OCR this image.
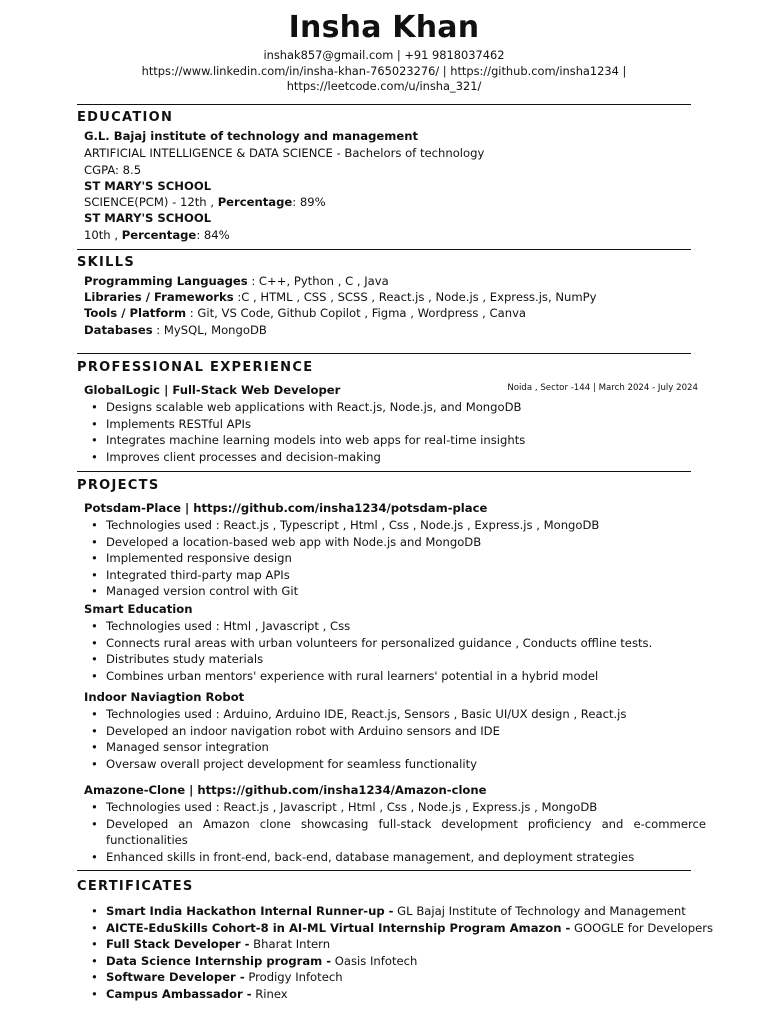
Insha Khan
inshak857@gmail.com | +91 9818037462
https://www.linkedin.com/in/insha-khan-765023276/ | https://github.com/insha1234 |
https://leetcode.com/u/insha_321/
EDUCATION
G.L. Bajaj institute of technology and management
ARTIFICIAL INTELLIGENCE & DATA SCIENCE - Bachelors of technology
CGPA: 8.5
ST MARY'S SCHOOL
SCIENCE(PCM) - 12th , Percentage: 89%
ST MARY'S SCHOOL
10th , Percentage: 84%
SKILLS
Programming Languages : C++, Python , C , Java
Libraries / Frameworks :C , HTML , CSS , SCSS , React.js , Node.js , Express.js, NumPy
Tools / Platform : Git, VS Code, Github Copilot , Figma , Wordpress , Canva
Databases : MySQL, MongoDB
PROFESSIONAL EXPERIENCE
GlobalLogic | Full-Stack Web Developer	Noida , Sector -144 | March 2024 - July 2024
• Designs scalable web applications with React.js, Node.js, and MongoDB
• Implements RESTful APIs
• Integrates machine learning models into web apps for real-time insights
• Improves client processes and decision-making
PROJECTS
Potsdam-Place | https://github.com/insha1234/potsdam-place
• Technologies used : React.js , Typescript , Html , Css , Node.js , Express.js , MongoDB
• Developed a location-based web app with Node.js and MongoDB
• Implemented responsive design
• Integrated third-party map APIs
• Managed version control with Git
Smart Education
• Technologies used : Html , Javascript , Css
• Connects rural areas with urban volunteers for personalized guidance , Conducts offline tests.
• Distributes study materials
• Combines urban mentors' experience with rural learners' potential in a hybrid model
Indoor Naviagtion Robot
• Technologies used : Arduino, Arduino IDE, React.js, Sensors , Basic UI/UX design , React.js
• Developed an indoor navigation robot with Arduino sensors and IDE
• Managed sensor integration
• Oversaw overall project development for seamless functionality
Amazone-Clone | https://github.com/insha1234/Amazon-clone
• Technologies used : React.js , Javascript , Html , Css , Node.js , Express.js , MongoDB
• Developed an Amazon clone showcasing full-stack development proficiency and e-commerce functionalities
• Enhanced skills in front-end, back-end, database management, and deployment strategies
CERTIFICATES
• Smart India Hackathon Internal Runner-up - GL Bajaj Institute of Technology and Management
• AICTE-EduSkills Cohort-8 in AI-ML Virtual Internship Program Amazon - GOOGLE for Developers
• Full Stack Developer - Bharat Intern
• Data Science Internship program - Oasis Infotech
• Software Developer - Prodigy Infotech
• Campus Ambassador - Rinex
